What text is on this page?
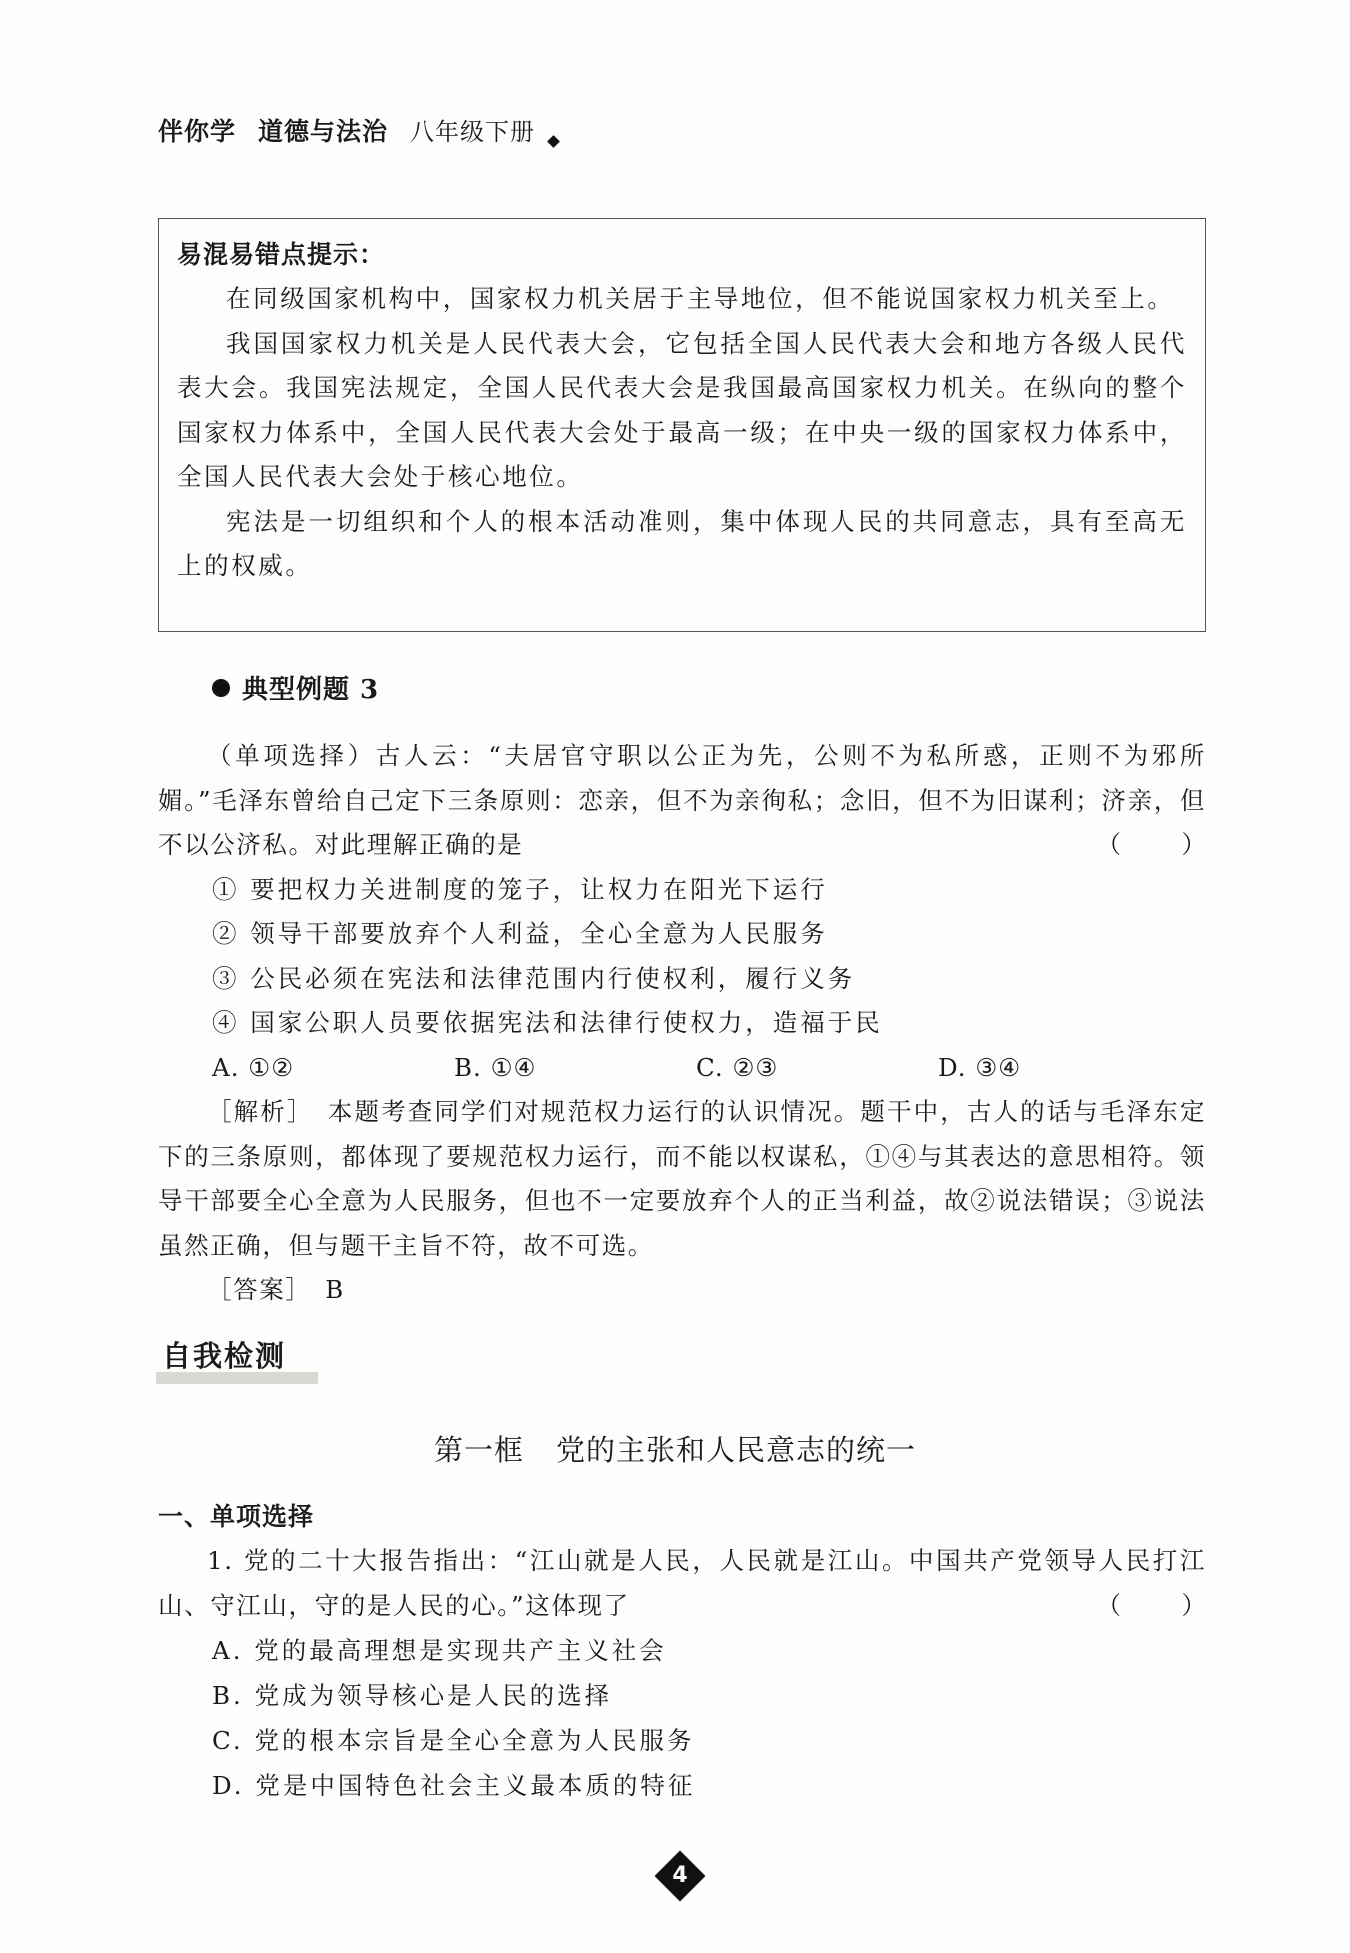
伴你学 道德与法治 八年级下册
易混易错点提示：

在同级国家机构中，国家权力机关居于主导地位，但不能说国家权力机关至上。

我国国家权力机关是人民代表大会，它包括全国人民代表大会和地方各级人民代表大会。我国宪法规定，全国人民代表大会是我国最高国家权力机关。在纵向的整个国家权力体系中，全国人民代表大会处于最高一级；在中央一级的国家权力体系中，全国人民代表大会处于核心地位。

宪法是一切组织和个人的根本活动准则，集中体现人民的共同意志，具有至高无上的权威。

典型例题 3

（单项选择）古人云：“夫居官守职以公正为先，公则不为私所惑，正则不为邪所媚。”毛泽东曾给自己定下三条原则：恋亲，但不为亲徇私；念旧，但不为旧谋利；济亲，但不以公济私。对此理解正确的是	（　）

① 要把权力关进制度的笼子，让权力在阳光下运行

② 领导干部要放弃个人利益，全心全意为人民服务

③ 公民必须在宪法和法律范围内行使权利，履行义务

④ 国家公职人员要依据宪法和法律行使权力，造福于民

A. ①②	B. ①④	C. ②③	D. ③④

［解析］　 本题考查同学们对规范权力运行的认识情况。题干中，古人的话与毛泽东定下的三条原则，都体现了要规范权力运行，而不能以权谋私，①④与其表达的意思相符。领导干部要全心全意为人民服务，但也不一定要放弃个人的正当利益，故②说法错误；③说法虽然正确，但与题干主旨不符，故不可选。

［答案］　 B

自我检测
第一框 党的主张和人民意志的统一
一、单项选择

1. 党的二十大报告指出：“江山就是人民，人民就是江山。中国共产党领导人民打江山、守江山，守的是人民的心。”这体现了	（　）

A. 党的最高理想是实现共产主义社会

B. 党成为领导核心是人民的选择

C. 党的根本宗旨是全心全意为人民服务

D. 党是中国特色社会主义最本质的特征

4
